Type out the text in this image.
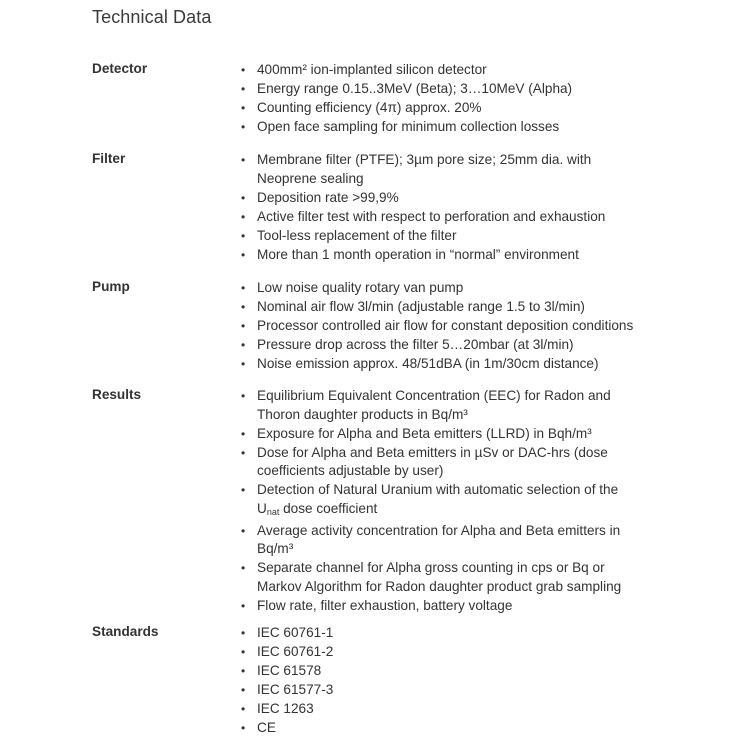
Technical Data
Detector	• 400mm² ion-implanted silicon detector
• Energy range 0.15..3MeV (Beta); 3…10MeV (Alpha)
• Counting efficiency (4π) approx. 20%
• Open face sampling for minimum collection losses
Filter	• Membrane filter (PTFE); 3µm pore size; 25mm dia. with Neoprene sealing
• Deposition rate >99,9%
• Active filter test with respect to perforation and exhaustion
• Tool-less replacement of the filter
• More than 1 month operation in “normal” environment
Pump	• Low noise quality rotary van pump
• Nominal air flow 3l/min (adjustable range 1.5 to 3l/min)
• Processor controlled air flow for constant deposition conditions
• Pressure drop across the filter 5…20mbar (at 3l/min)
• Noise emission approx. 48/51dBA (in 1m/30cm distance)
Results	• Equilibrium Equivalent Concentration (EEC) for Radon and Thoron daughter products in Bq/m³
• Exposure for Alpha and Beta emitters (LLRD) in Bqh/m³
• Dose for Alpha and Beta emitters in µSv or DAC-hrs (dose coefficients adjustable by user)
• Detection of Natural Uranium with automatic selection of the
$U_{nat}$ dose coefficient
• Average activity concentration for Alpha and Beta emitters in Bq/m³
• Separate channel for Alpha gross counting in cps or Bq or Markov Algorithm for Radon daughter product grab sampling
• Flow rate, filter exhaustion, battery voltage
Standards	• IEC 60761-1
• IEC 60761-2
• IEC 61578
• IEC 61577-3
• IEC 1263
• CE
